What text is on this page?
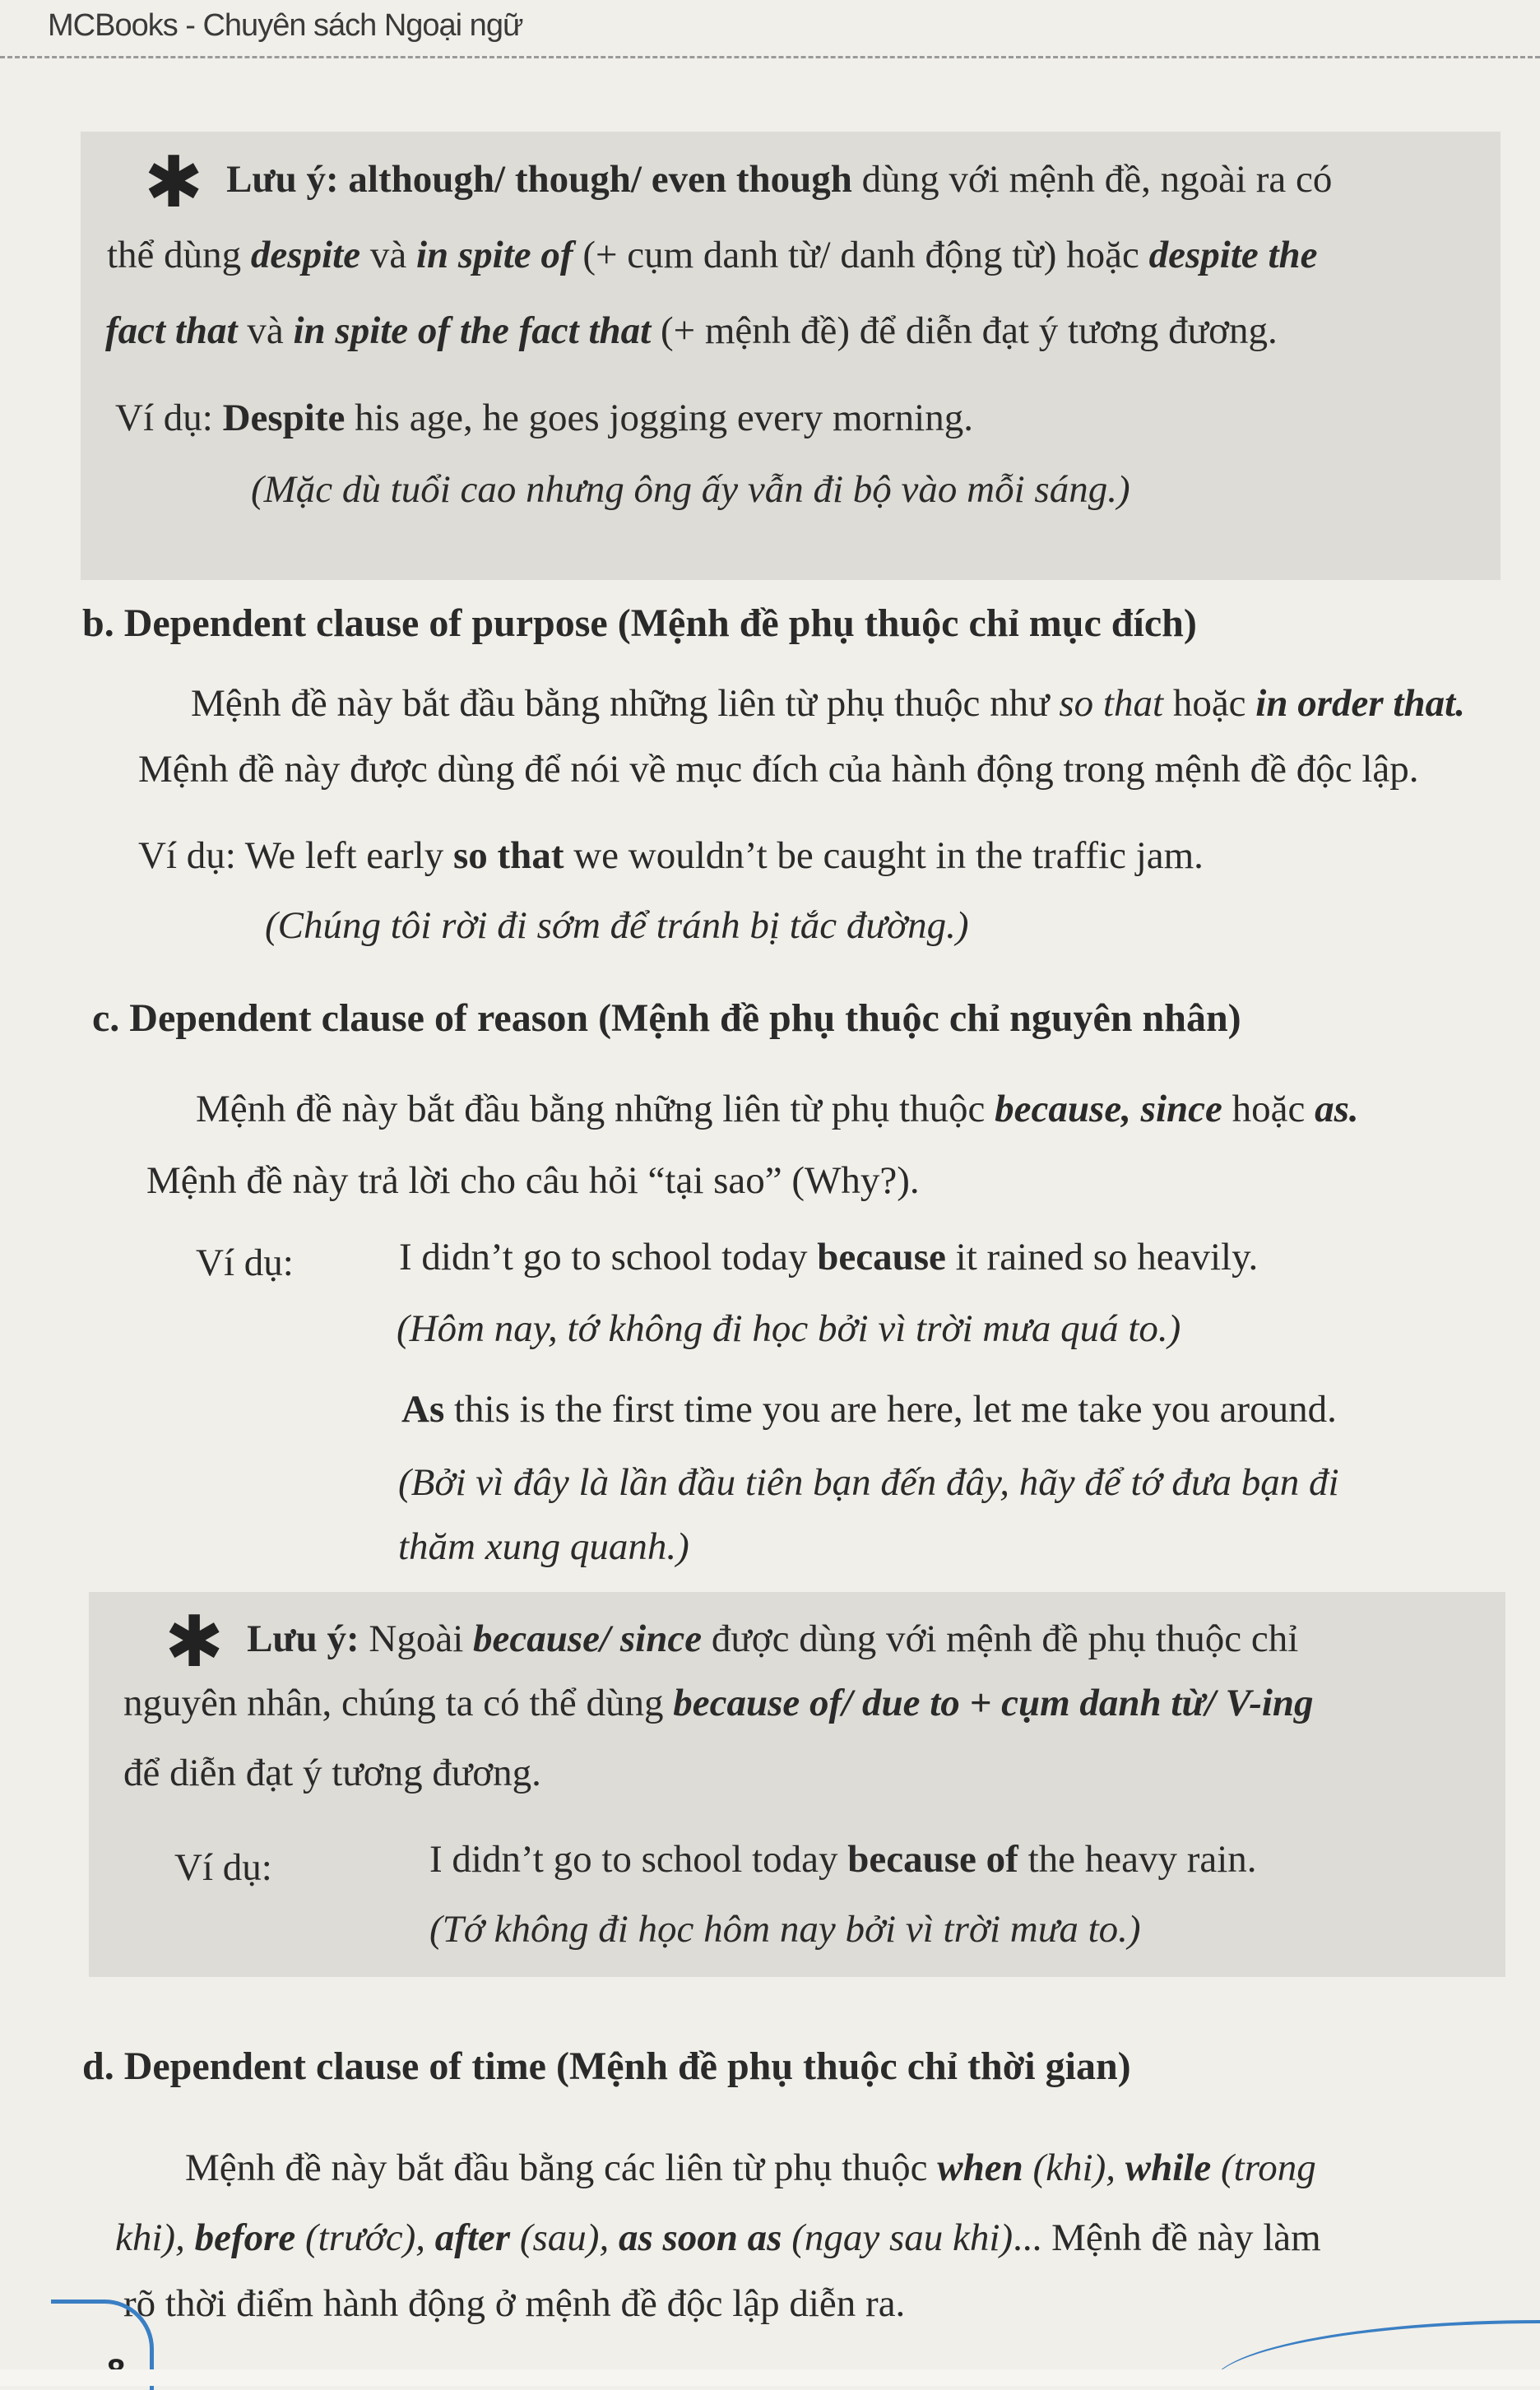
MCBooks - Chuyên sách Ngoại ngữ
✱ Lưu ý: although/ though/ even though dùng với mệnh đề, ngoài ra có
thể dùng despite và in spite of (+ cụm danh từ/ danh động từ) hoặc despite the
fact that và in spite of the fact that (+ mệnh đề) để diễn đạt ý tương đương.
Ví dụ: Despite his age, he goes jogging every morning.
(Mặc dù tuổi cao nhưng ông ấy vẫn đi bộ vào mỗi sáng.)
b. Dependent clause of purpose (Mệnh đề phụ thuộc chỉ mục đích)
Mệnh đề này bắt đầu bằng những liên từ phụ thuộc như so that hoặc in order that.
Mệnh đề này được dùng để nói về mục đích của hành động trong mệnh đề độc lập.
Ví dụ: We left early so that we wouldn’t be caught in the traffic jam.
(Chúng tôi rời đi sớm để tránh bị tắc đường.)
c. Dependent clause of reason (Mệnh đề phụ thuộc chỉ nguyên nhân)
Mệnh đề này bắt đầu bằng những liên từ phụ thuộc because, since hoặc as.
Mệnh đề này trả lời cho câu hỏi “tại sao” (Why?).
Ví dụ:	I didn’t go to school today because it rained so heavily.
(Hôm nay, tớ không đi học bởi vì trời mưa quá to.)
As this is the first time you are here, let me take you around.
(Bởi vì đây là lần đầu tiên bạn đến đây, hãy để tớ đưa bạn đi
thăm xung quanh.)
✱ Lưu ý: Ngoài because/ since được dùng với mệnh đề phụ thuộc chỉ
nguyên nhân, chúng ta có thể dùng because of/ due to + cụm danh từ/ V-ing
để diễn đạt ý tương đương.
Ví dụ:	I didn’t go to school today because of the heavy rain.
(Tớ không đi học hôm nay bởi vì trời mưa to.)
d. Dependent clause of time (Mệnh đề phụ thuộc chỉ thời gian)
Mệnh đề này bắt đầu bằng các liên từ phụ thuộc when (khi), while (trong
khi), before (trước), after (sau), as soon as (ngay sau khi)... Mệnh đề này làm
rõ thời điểm hành động ở mệnh đề độc lập diễn ra.
